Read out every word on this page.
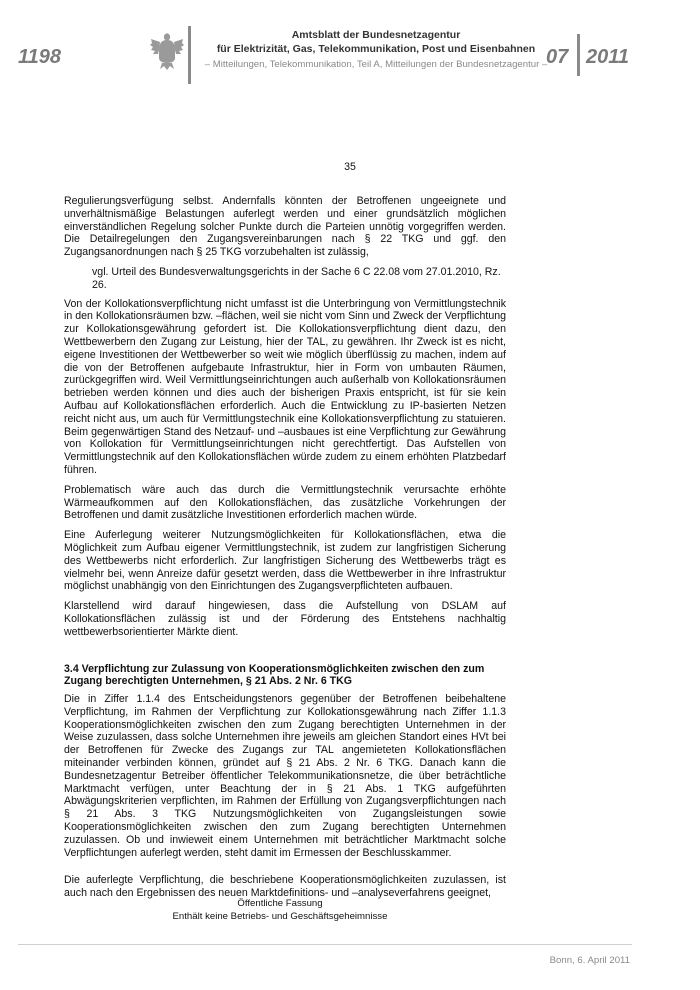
1198
Amtsblatt der Bundesnetzagentur
für Elektrizität, Gas, Telekommunikation, Post und Eisenbahnen
– Mitteilungen, Telekommunikation, Teil A, Mitteilungen der Bundesnetzagentur –
07 2011
35

Regulierungsverfügung selbst. Andernfalls könnten der Betroffenen ungeeignete und unverhältnismäßige Belastungen auferlegt werden und einer grundsätzlich möglichen einverständlichen Regelung solcher Punkte durch die Parteien unnötig vorgegriffen werden. Die Detailregelungen den Zugangsvereinbarungen nach § 22 TKG und ggf. den Zugangsanordnungen nach § 25 TKG vorzubehalten ist zulässig,

vgl. Urteil des Bundesverwaltungsgerichts in der Sache 6 C 22.08 vom 27.01.2010, Rz. 26.

Von der Kollokationsverpflichtung nicht umfasst ist die Unterbringung von Vermittlungstechnik in den Kollokationsräumen bzw. –flächen, weil sie nicht vom Sinn und Zweck der Verpflichtung zur Kollokationsgewährung gefordert ist. Die Kollokationsverpflichtung dient dazu, den Wettbewerbern den Zugang zur Leistung, hier der TAL, zu gewähren. Ihr Zweck ist es nicht, eigene Investitionen der Wettbewerber so weit wie möglich überflüssig zu machen, indem auf die von der Betroffenen aufgebaute Infrastruktur, hier in Form von umbauten Räumen, zurückgegriffen wird. Weil Vermittlungseinrichtungen auch außerhalb von Kollokationsräumen betrieben werden können und dies auch der bisherigen Praxis entspricht, ist für sie kein Aufbau auf Kollokationsflächen erforderlich. Auch die Entwicklung zu IP-basierten Netzen reicht nicht aus, um auch für Vermittlungstechnik eine Kollokationsverpflichtung zu statuieren. Beim gegenwärtigen Stand des Netzauf- und –ausbaues ist eine Verpflichtung zur Gewährung von Kollokation für Vermittlungseinrichtungen nicht gerechtfertigt. Das Aufstellen von Vermittlungstechnik auf den Kollokationsflächen würde zudem zu einem erhöhten Platzbedarf führen.

Problematisch wäre auch das durch die Vermittlungstechnik verursachte erhöhte Wärmeaufkommen auf den Kollokationsflächen, das zusätzliche Vorkehrungen der Betroffenen und damit zusätzliche Investitionen erforderlich machen würde.

Eine Auferlegung weiterer Nutzungsmöglichkeiten für Kollokationsflächen, etwa die Möglichkeit zum Aufbau eigener Vermittlungstechnik, ist zudem zur langfristigen Sicherung des Wettbewerbs nicht erforderlich. Zur langfristigen Sicherung des Wettbewerbs trägt es vielmehr bei, wenn Anreize dafür gesetzt werden, dass die Wettbewerber in ihre Infrastruktur möglichst unabhängig von den Einrichtungen des Zugangsverpflichteten aufbauen.

Klarstellend wird darauf hingewiesen, dass die Aufstellung von DSLAM auf Kollokationsflächen zulässig ist und der Förderung des Entstehens nachhaltig wettbewerbsorientierter Märkte dient.

3.4 Verpflichtung zur Zulassung von Kooperationsmöglichkeiten zwischen den zum Zugang berechtigten Unternehmen, § 21 Abs. 2 Nr. 6 TKG

Die in Ziffer 1.1.4 des Entscheidungstenors gegenüber der Betroffenen beibehaltene Verpflichtung, im Rahmen der Verpflichtung zur Kollokationsgewährung nach Ziffer 1.1.3 Kooperationsmöglichkeiten zwischen den zum Zugang berechtigten Unternehmen in der Weise zuzulassen, dass solche Unternehmen ihre jeweils am gleichen Standort eines HVt bei der Betroffenen für Zwecke des Zugangs zur TAL angemieteten Kollokationsflächen miteinander verbinden können, gründet auf § 21 Abs. 2 Nr. 6 TKG. Danach kann die Bundesnetzagentur Betreiber öffentlicher Telekommunikationsnetze, die über beträchtliche Marktmacht verfügen, unter Beachtung der in § 21 Abs. 1 TKG aufgeführten Abwägungskriterien verpflichten, im Rahmen der Erfüllung von Zugangsverpflichtungen nach § 21 Abs. 3 TKG Nutzungsmöglichkeiten von Zugangsleistungen sowie Kooperationsmöglichkeiten zwischen den zum Zugang berechtigten Unternehmen zuzulassen. Ob und inwieweit einem Unternehmen mit beträchtlicher Marktmacht solche Verpflichtungen auferlegt werden, steht damit im Ermessen der Beschlusskammer.

Die auferlegte Verpflichtung, die beschriebene Kooperationsmöglichkeiten zuzulassen, ist auch nach den Ergebnissen des neuen Marktdefinitions- und –analyseverfahrens geeignet,

Öffentliche Fassung
Enthält keine Betriebs- und Geschäftsgeheimnisse
Bonn, 6. April 2011
